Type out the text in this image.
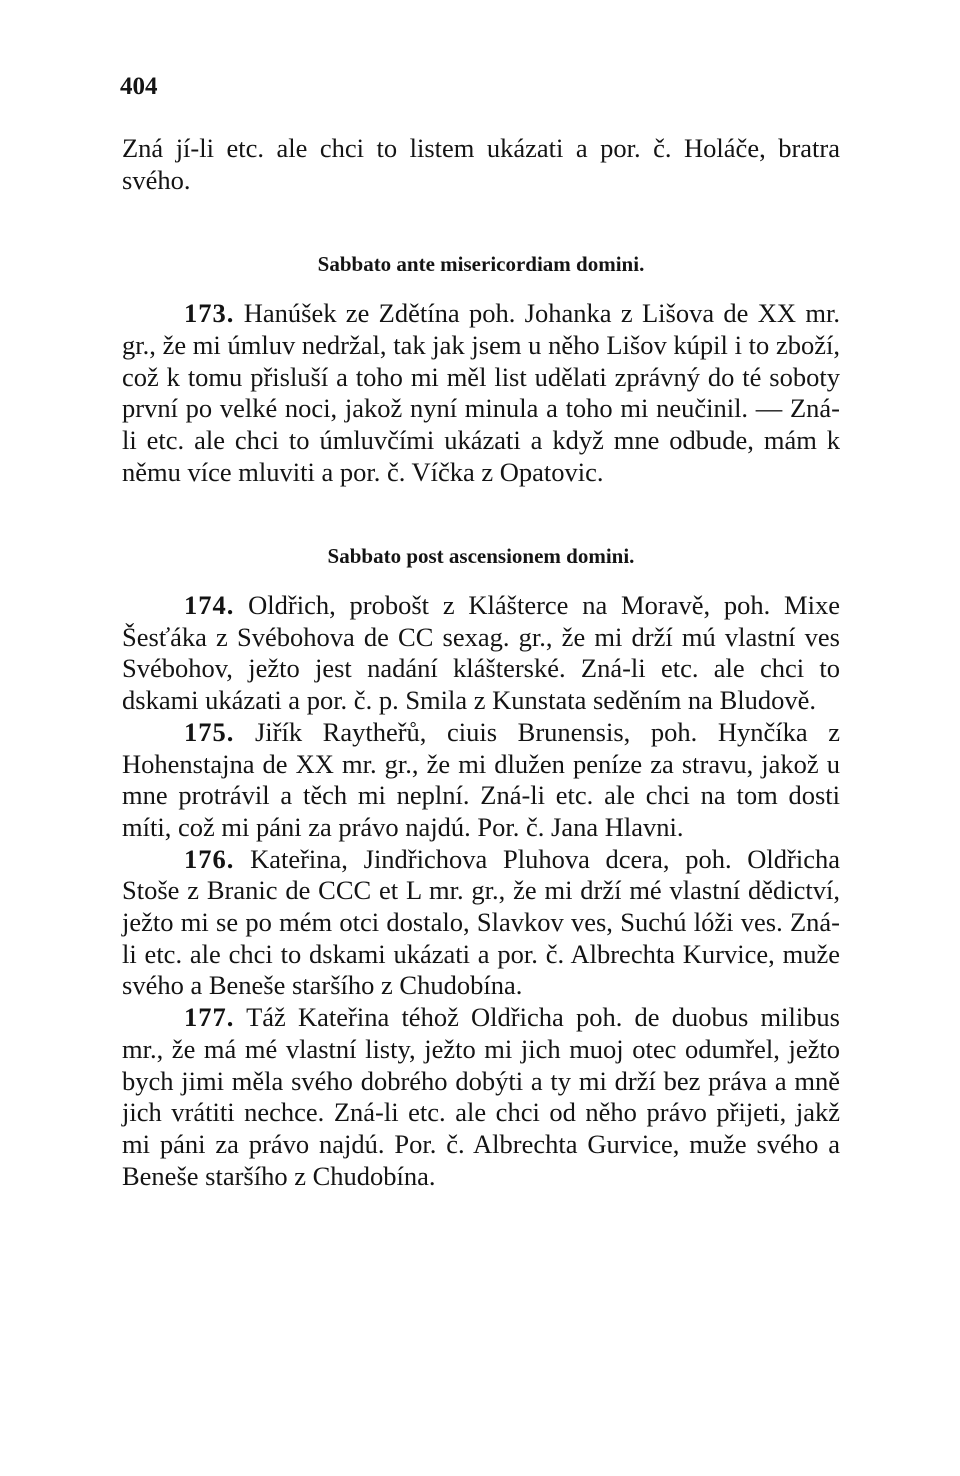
404

Zná jí-li etc. ale chci to listem ukázati a por. č. Holáče, bratra svého.

Sabbato ante misericordiam domini.

173. Hanúšek ze Zdětína poh. Johanka z Lišova de XX mr. gr., že mi úmluv nedržal, tak jak jsem u něho Lišov kúpil i to zboží, což k tomu přisluší a toho mi měl list udělati zprávný do té soboty první po velké noci, jakož nyní minula a toho mi neučinil. — Zná-li etc. ale chci to úmluvčími ukázati a když mne odbude, mám k němu více mluviti a por. č. Víčka z Opatovic.

Sabbato post ascensionem domini.

174. Oldřich, probošt z Klášterce na Moravě, poh. Mixe Šesťáka z Svébohova de CC sexag. gr., že mi drží mú vlastní ves Svébohov, ježto jest nadání klášterské. Zná-li etc. ale chci to dskami ukázati a por. č. p. Smila z Kunstata seděním na Bludově.

175. Jiřík Raytheřů, ciuis Brunensis, poh. Hynčíka z Hohenstajna de XX mr. gr., že mi dlužen peníze za stravu, jakož u mne protrávil a těch mi neplní. Zná-li etc. ale chci na tom dosti míti, což mi páni za právo najdú. Por. č. Jana Hlavni.

176. Kateřina, Jindřichova Pluhova dcera, poh. Oldřicha Stoše z Branic de CCC et L mr. gr., že mi drží mé vlastní dědictví, ježto mi se po mém otci dostalo, Slavkov ves, Suchú lóži ves. Zná-li etc. ale chci to dskami ukázati a por. č. Albrechta Kurvice, muže svého a Beneše staršího z Chudobína.

177. Táž Kateřina téhož Oldřicha poh. de duobus milibus mr., že má mé vlastní listy, ježto mi jich muoj otec odumřel, ježto bych jimi měla svého dobrého dobýti a ty mi drží bez práva a mně jich vrátiti nechce. Zná-li etc. ale chci od něho právo přijeti, jakž mi páni za právo najdú. Por. č. Albrechta Gurvice, muže svého a Beneše staršího z Chudobína.
